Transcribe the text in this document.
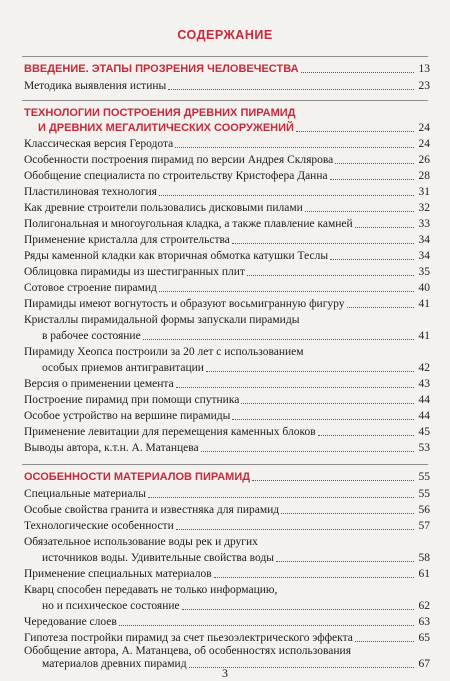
СОДЕРЖАНИЕ
ВВЕДЕНИЕ. ЭТАПЫ ПРОЗРЕНИЯ ЧЕЛОВЕЧЕСТВА	13
Методика выявления истины	23
ТЕХНОЛОГИИ ПОСТРОЕНИЯ ДРЕВНИХ ПИРАМИД
И ДРЕВНИХ МЕГАЛИТИЧЕСКИХ СООРУЖЕНИЙ	24
Классическая версия Геродота	24
Особенности построения пирамид по версии Андрея Склярова	26
Обобщение специалиста по строительству Кристофера Данна	28
Пластилиновая технология	31
Как древние строители пользовались дисковыми пилами	32
Полигональная и многоугольная кладка, а также плавление камней	33
Применение кристалла для строительства	34
Ряды каменной кладки как вторичная обмотка катушки Теслы	34
Облицовка пирамиды из шестигранных плит	35
Сотовое строение пирамид	40
Пирамиды имеют вогнутость и образуют восьмигранную фигуру	41
Кристаллы пирамидальной формы запускали пирамиды
в рабочее состояние	41
Пирамиду Хеопса построили за 20 лет с использованием
особых приемов антигравитации	42
Версия о применении цемента	43
Построение пирамид при помощи спутника	44
Особое устройство на вершине пирамиды	44
Применение левитации для перемещения каменных блоков	45
Выводы автора, к.т.н. А. Матанцева	53
ОСОБЕННОСТИ МАТЕРИАЛОВ ПИРАМИД	55
Специальные материалы	55
Особые свойства гранита и известняка для пирамид	56
Технологические особенности	57
Обязательное использование воды рек и других
источников воды. Удивительные свойства воды	58
Применение специальных материалов	61
Кварц способен передавать не только информацию,
но и психическое состояние	62
Чередование слоев	63
Гипотеза постройки пирамид за счет пьезоэлектрического эффекта	65
Обобщение автора, А. Матанцева, об особенностях использования
материалов древних пирамид	67
3
